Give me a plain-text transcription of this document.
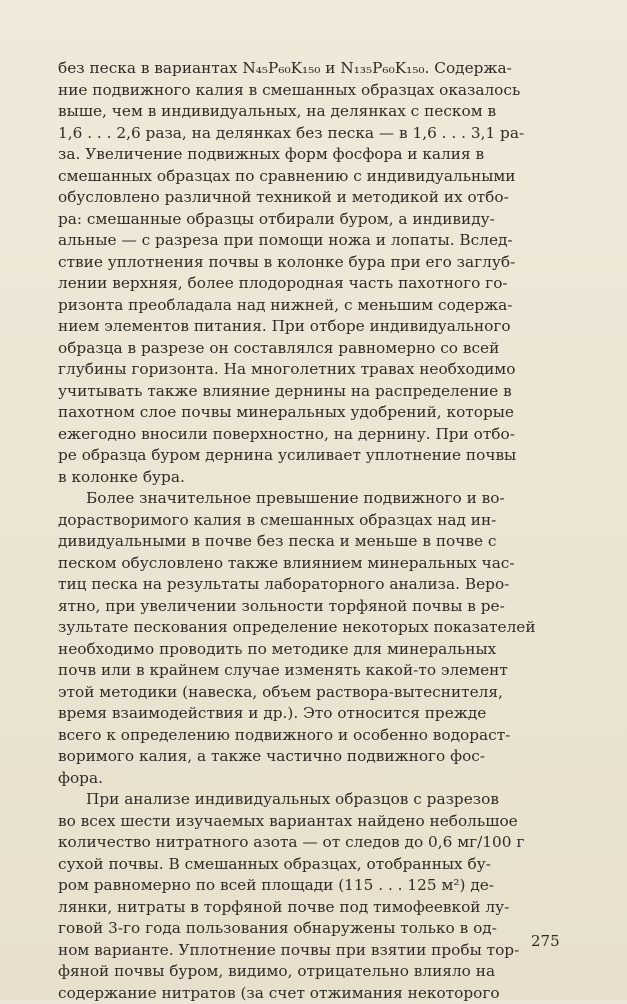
без песка в вариантах N₄₅P₆₀K₁₅₀ и N₁₃₅P₆₀K₁₅₀. Содержа-
ние подвижного калия в смешанных образцах оказалось
выше, чем в индивидуальных, на делянках с песком в
1,6 . . . 2,6 раза, на делянках без песка — в 1,6 . . . 3,1 ра-
за. Увеличение подвижных форм фосфора и калия в
смешанных образцах по сравнению с индивидуальными
обусловлено различной техникой и методикой их отбо-
ра: смешанные образцы отбирали буром, а индивиду-
альные — с разреза при помощи ножа и лопаты. Вслед-
ствие уплотнения почвы в колонке бура при его заглуб-
лении верхняя, более плодородная часть пахотного го-
ризонта преобладала над нижней, с меньшим содержа-
нием элементов питания. При отборе индивидуального
образца в разрезе он составлялся равномерно со всей
глубины горизонта. На многолетних травах необходимо
учитывать также влияние дернины на распределение в
пахотном слое почвы минеральных удобрений, которые
ежегодно вносили поверхностно, на дернину. При отбо-
ре образца буром дернина усиливает уплотнение почвы
в колонке бура.
Более значительное превышение подвижного и во-
дорастворимого калия в смешанных образцах над ин-
дивидуальными в почве без песка и меньше в почве с
песком обусловлено также влиянием минеральных час-
тиц песка на результаты лабораторного анализа. Веро-
ятно, при увеличении зольности торфяной почвы в ре-
зультате пескования определение некоторых показателей
необходимо проводить по методике для минеральных
почв или в крайнем случае изменять какой-то элемент
этой методики (навеска, объем раствора-вытеснителя,
время взаимодействия и др.). Это относится прежде
всего к определению подвижного и особенно водораст-
воримого калия, а также частично подвижного фос-
фора.
При анализе индивидуальных образцов с разрезов
во всех шести изучаемых вариантах найдено небольшое
количество нитратного азота — от следов до 0,6 мг/100 г
сухой почвы. В смешанных образцах, отобранных бу-
ром равномерно по всей площади (115 . . . 125 м²) де-
лянки, нитраты в торфяной почве под тимофеевкой лу-
говой 3-го года пользования обнаружены только в од-
ном варианте. Уплотнение почвы при взятии пробы тор-
фяной почвы буром, видимо, отрицательно влияло на
содержание нитратов (за счет отжимания некоторого
275
